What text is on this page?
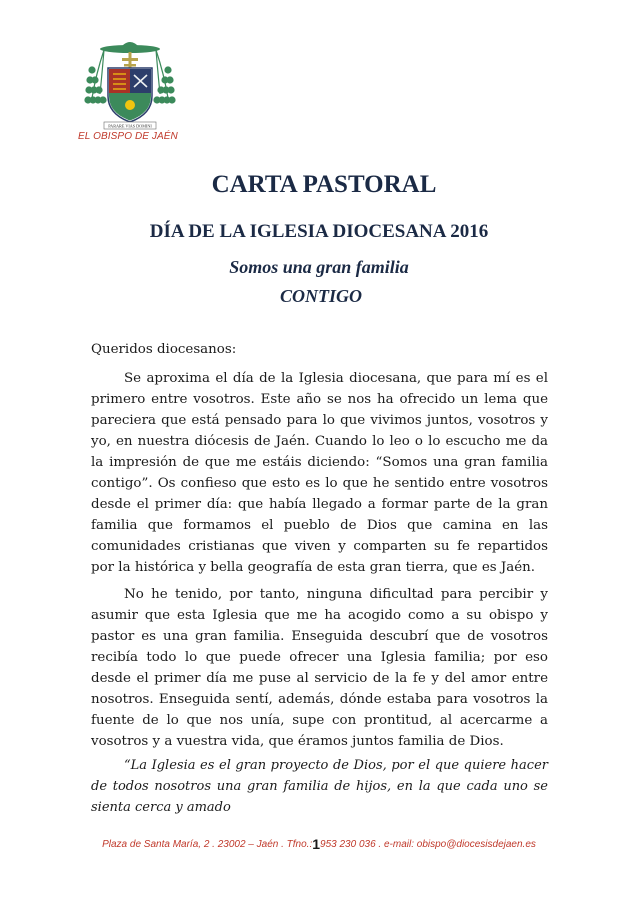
PARARE VIAS DOMINI

EL OBISPO DE JAÉN

CARTA PASTORAL
DÍA DE LA IGLESIA DIOCESANA 2016
Somos una gran familia
CONTIGO

Queridos diocesanos:

Se aproxima el día de la Iglesia diocesana, que para mí es el primero entre vosotros. Este año se nos ha ofrecido un lema que pareciera que está pensado para lo que vivimos juntos, vosotros y yo, en nuestra diócesis de Jaén. Cuando lo leo o lo escucho me da la impresión de que me estáis diciendo: “Somos una gran familia contigo”. Os confieso que esto es lo que he sentido entre vosotros desde el primer día: que había llegado a formar parte de la gran familia que formamos el pueblo de Dios que camina en las comunidades cristianas que viven y comparten su fe repartidos por la histórica y bella geografía de esta gran tierra, que es Jaén.

No he tenido, por tanto, ninguna dificultad para percibir y asumir que esta Iglesia que me ha acogido como a su obispo y pastor es una gran familia. Enseguida descubrí que de vosotros recibía todo lo que puede ofrecer una Iglesia familia; por eso desde el primer día me puse al servicio de la fe y del amor entre nosotros. Enseguida sentí, además, dónde estaba para vosotros la fuente de lo que nos unía, supe con prontitud, al acercarme a vosotros y a vuestra vida, que éramos juntos familia de Dios.

“La Iglesia es el gran proyecto de Dios, por el que quiere hacer de todos nosotros una gran familia de hijos, en la que cada uno se sienta cerca y amado

Plaza de Santa María, 2 . 23002 – Jaén . Tfno.:1953 230 036 . e-mail: obispo@diocesisdejaen.es
